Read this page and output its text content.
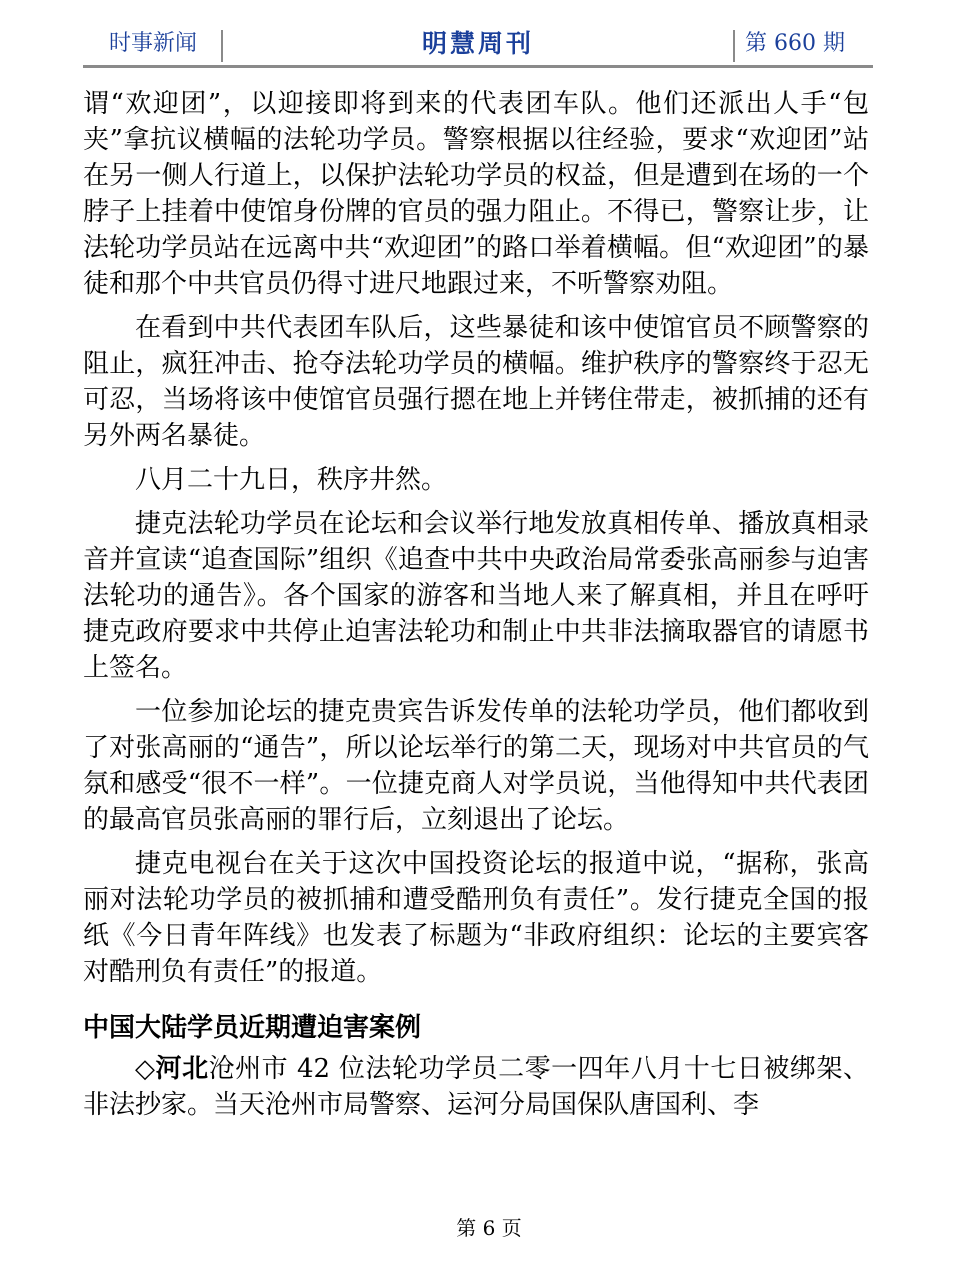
时事新闻	明慧周刊	第 660 期

谓“欢迎团”，以迎接即将到来的代表团车队。他们还派出人手“包夹”拿抗议横幅的法轮功学员。警察根据以往经验，要求“欢迎团”站在另一侧人行道上，以保护法轮功学员的权益，但是遭到在场的一个脖子上挂着中使馆身份牌的官员的强力阻止。不得已，警察让步，让法轮功学员站在远离中共“欢迎团”的路口举着横幅。但“欢迎团”的暴徒和那个中共官员仍得寸进尺地跟过来，不听警察劝阻。

在看到中共代表团车队后，这些暴徒和该中使馆官员不顾警察的阻止，疯狂冲击、抢夺法轮功学员的横幅。维护秩序的警察终于忍无可忍，当场将该中使馆官员强行摁在地上并铐住带走，被抓捕的还有另外两名暴徒。

八月二十九日，秩序井然。

捷克法轮功学员在论坛和会议举行地发放真相传单、播放真相录音并宣读“追查国际”组织《追查中共中央政治局常委张高丽参与迫害法轮功的通告》。各个国家的游客和当地人来了解真相，并且在呼吁捷克政府要求中共停止迫害法轮功和制止中共非法摘取器官的请愿书上签名。

一位参加论坛的捷克贵宾告诉发传单的法轮功学员，他们都收到了对张高丽的“通告”，所以论坛举行的第二天，现场对中共官员的气氛和感受“很不一样”。一位捷克商人对学员说，当他得知中共代表团的最高官员张高丽的罪行后，立刻退出了论坛。

捷克电视台在关于这次中国投资论坛的报道中说，“据称，张高丽对法轮功学员的被抓捕和遭受酷刑负有责任”。发行捷克全国的报纸《今日青年阵线》也发表了标题为“非政府组织：论坛的主要宾客对酷刑负有责任”的报道。

中国大陆学员近期遭迫害案例

◇河北沧州市 42 位法轮功学员二零一四年八月十七日被绑架、非法抄家。当天沧州市局警察、运河分局国保队唐国利、李

第 6 页
